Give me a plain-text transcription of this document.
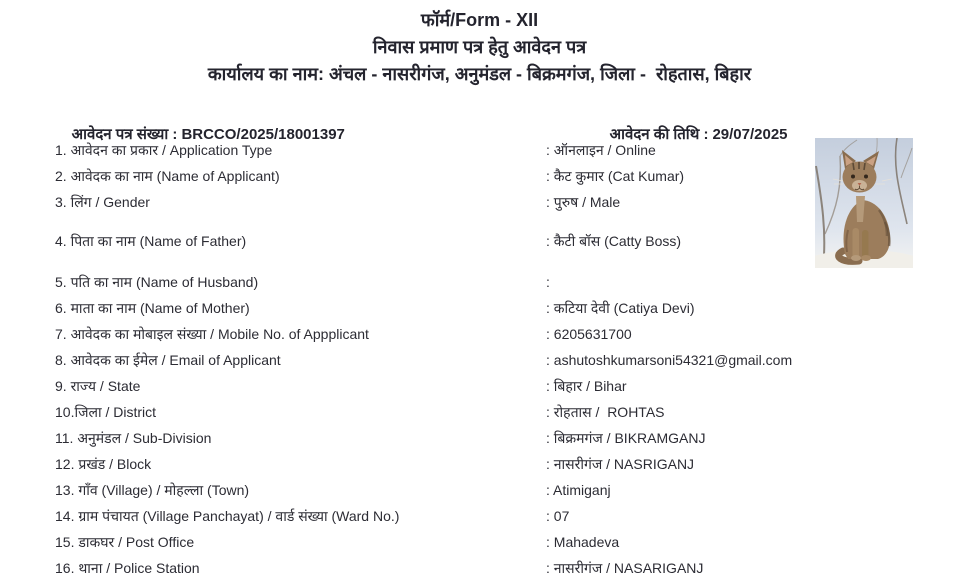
फॉर्म/Form - XII
निवास प्रमाण पत्र हेतु आवेदन पत्र
कार्यालय का नाम: अंचल - नासरीगंज, अनुमंडल - बिक्रमगंज, जिला -  रोहतास, बिहार

आवेदन पत्र संख्या : BRCCO/2025/18001397
	आवेदन की तिथि : 29/07/2025

1. आवेदन का प्रकार / Application Type	: ऑनलाइन / Online
2. आवेदक का नाम (Name of Applicant)	: कैट कुमार (Cat Kumar)
3. लिंग / Gender	: पुरुष / Male
4. पिता का नाम (Name of Father)	: कैटी बॉस (Catty Boss)
5. पति का नाम (Name of Husband)	:
6. माता का नाम (Name of Mother)	: कटिया देवी (Catiya Devi)
7. आवेदक का मोबाइल संख्या / Mobile No. of Appplicant	: 6205631700
8. आवेदक का ईमेल / Email of Applicant	: ashutoshkumarsoni54321@gmail.com
9. राज्य / State	: बिहार / Bihar
10.जिला / District	: रोहतास /  ROHTAS
11. अनुमंडल / Sub-Division	: बिक्रमगंज / BIKRAMGANJ
12. प्रखंड / Block	: नासरीगंज / NASRIGANJ
13. गाँव (Village) / मोहल्ला (Town)	: Atimiganj
14. ग्राम पंचायत (Village Panchayat) / वार्ड संख्या (Ward No.)	: 07
15. डाकघर / Post Office	: Mahadeva
16. थाना / Police Station	: नासरीगंज / NASARIGANJ
